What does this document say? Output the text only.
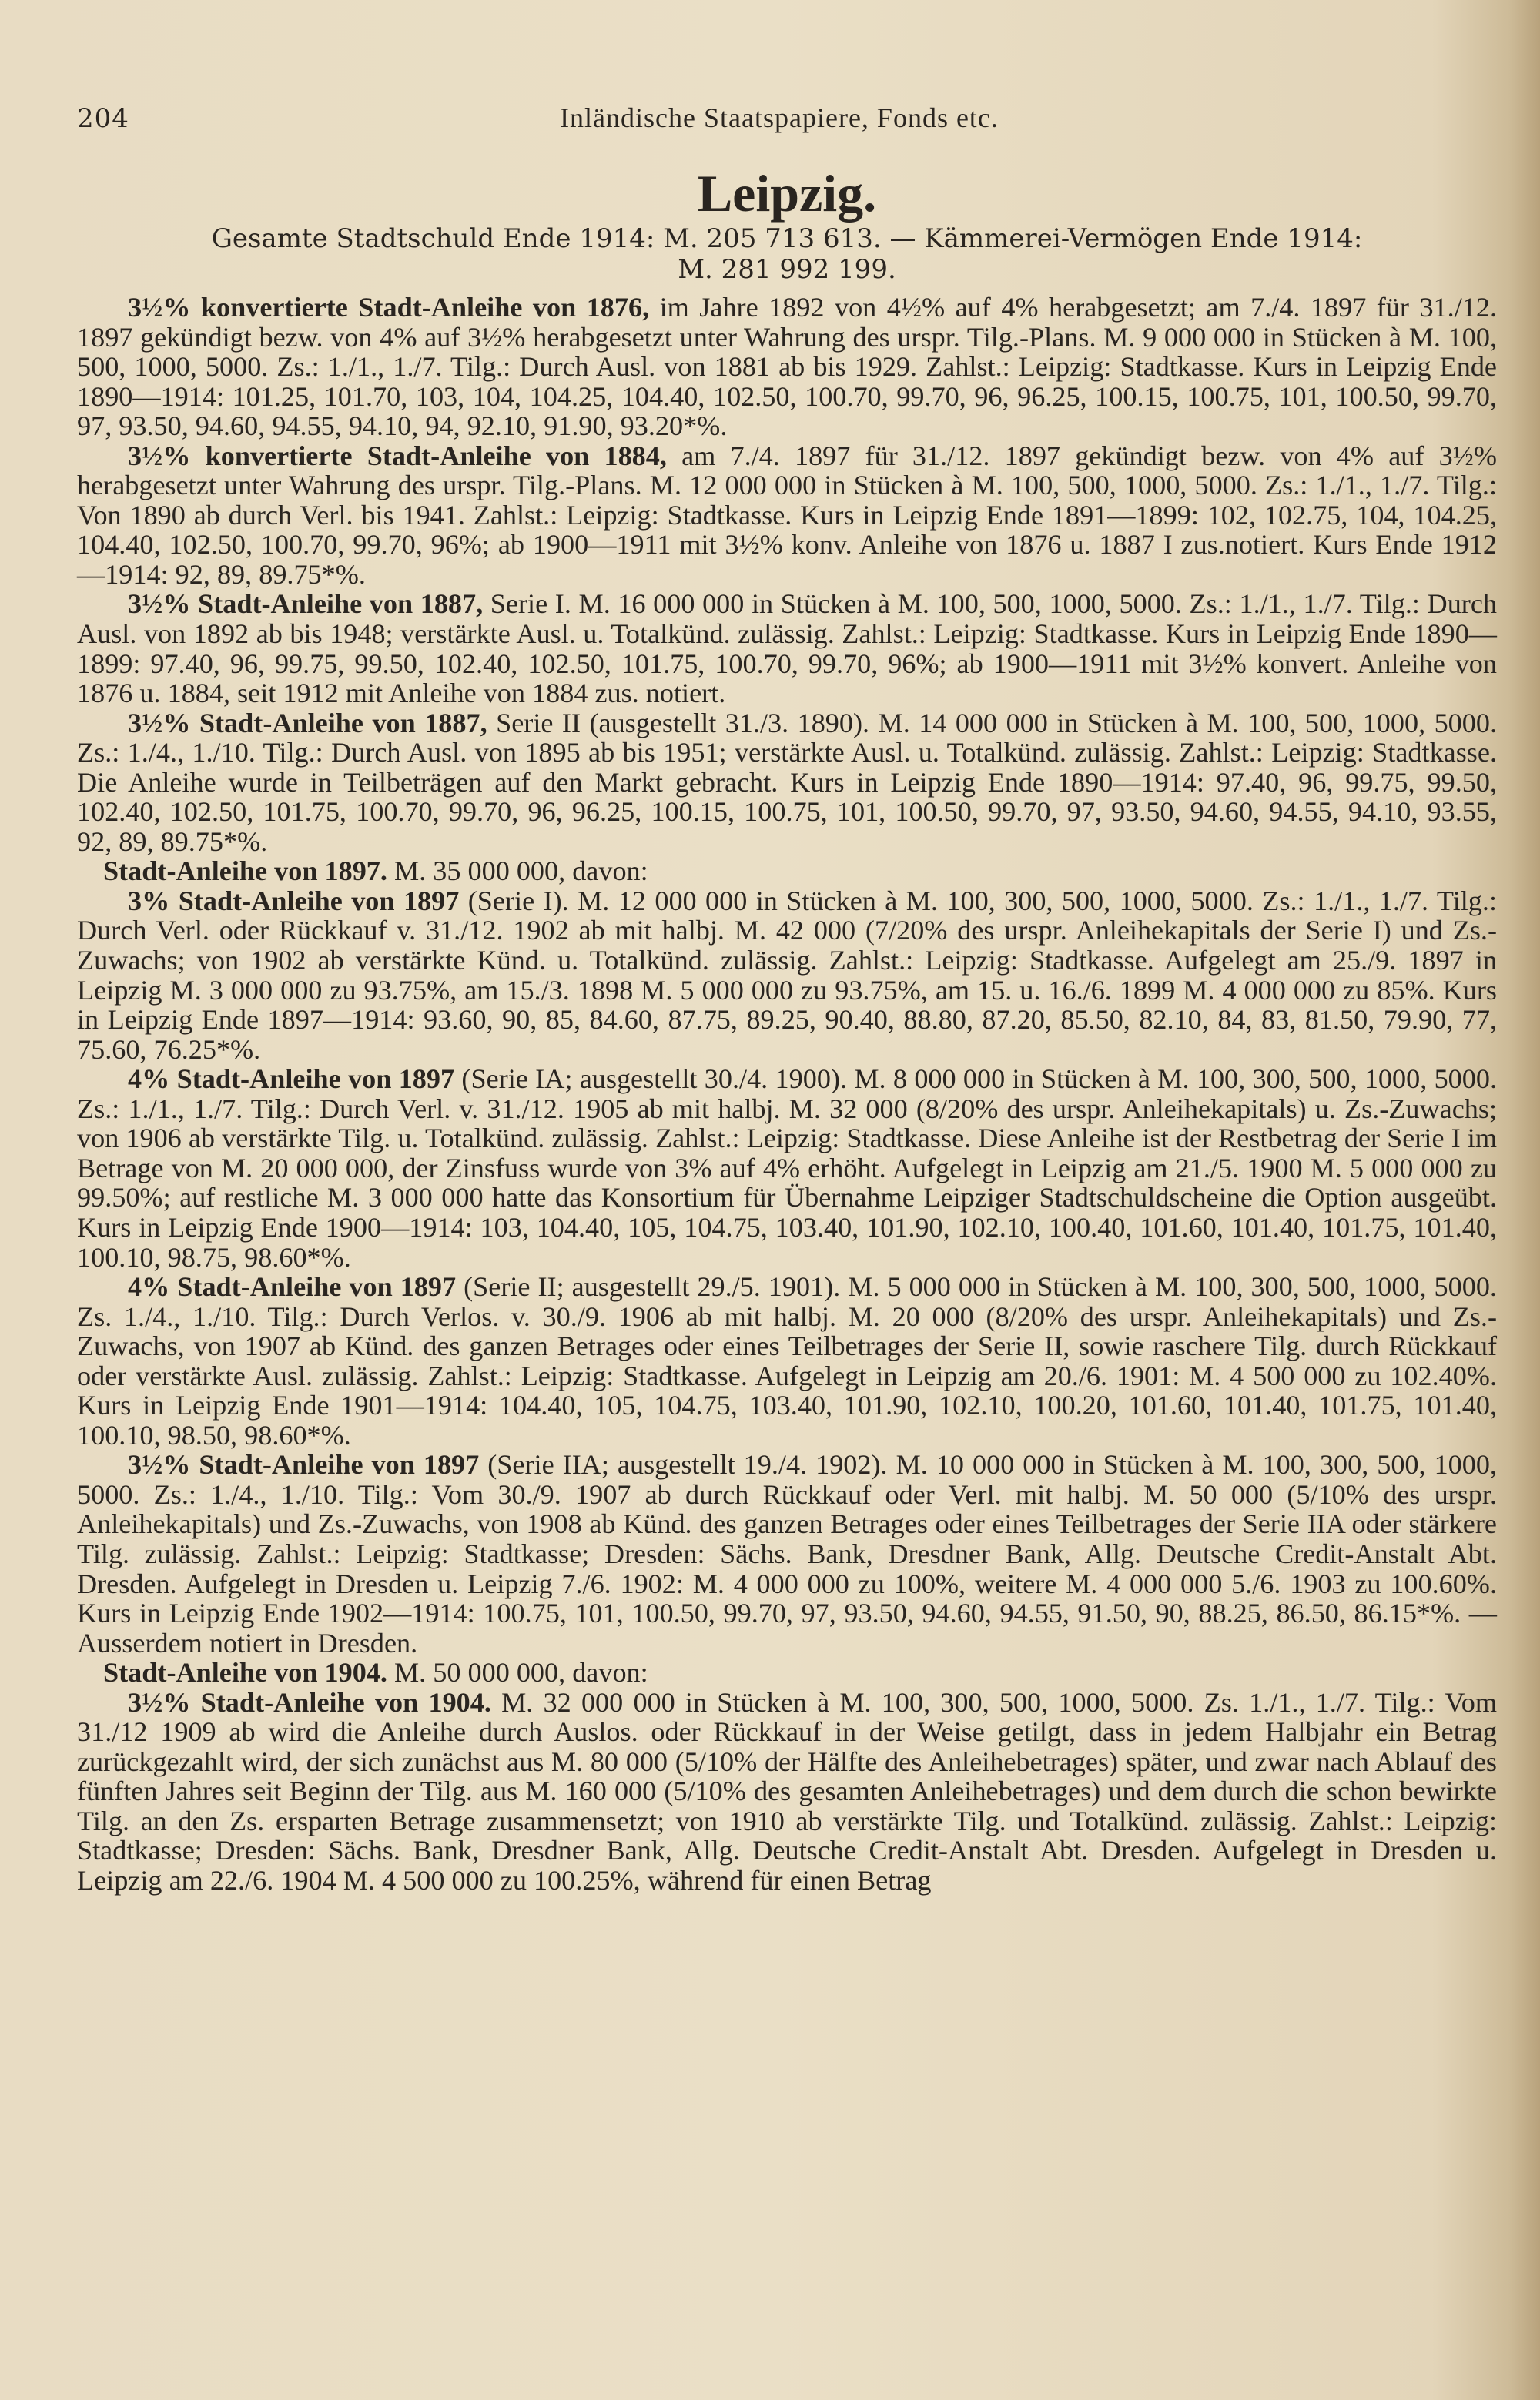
204	Inländische Staatspapiere, Fonds etc.
Leipzig.
Gesamte Stadtschuld Ende 1914: M. 205 713 613. — Kämmerei-Vermögen Ende 1914:
M. 281 992 199.

3½% konvertierte Stadt-Anleihe von 1876, im Jahre 1892 von 4½% auf 4% herabgesetzt; am 7./4. 1897 für 31./12. 1897 gekündigt bezw. von 4% auf 3½% herabgesetzt unter Wahrung des urspr. Tilg.-Plans. M. 9 000 000 in Stücken à M. 100, 500, 1000, 5000. Zs.: 1./1., 1./7. Tilg.: Durch Ausl. von 1881 ab bis 1929. Zahlst.: Leipzig: Stadtkasse. Kurs in Leipzig Ende 1890—1914: 101.25, 101.70, 103, 104, 104.25, 104.40, 102.50, 100.70, 99.70, 96, 96.25, 100.15, 100.75, 101, 100.50, 99.70, 97, 93.50, 94.60, 94.55, 94.10, 94, 92.10, 91.90, 93.20*%.

3½% konvertierte Stadt-Anleihe von 1884, am 7./4. 1897 für 31./12. 1897 gekündigt bezw. von 4% auf 3½% herabgesetzt unter Wahrung des urspr. Tilg.-Plans. M. 12 000 000 in Stücken à M. 100, 500, 1000, 5000. Zs.: 1./1., 1./7. Tilg.: Von 1890 ab durch Verl. bis 1941. Zahlst.: Leipzig: Stadtkasse. Kurs in Leipzig Ende 1891—1899: 102, 102.75, 104, 104.25, 104.40, 102.50, 100.70, 99.70, 96%; ab 1900—1911 mit 3½% konv. Anleihe von 1876 u. 1887 I zus.notiert. Kurs Ende 1912—1914: 92, 89, 89.75*%.

3½% Stadt-Anleihe von 1887, Serie I. M. 16 000 000 in Stücken à M. 100, 500, 1000, 5000. Zs.: 1./1., 1./7. Tilg.: Durch Ausl. von 1892 ab bis 1948; verstärkte Ausl. u. Totalkünd. zulässig. Zahlst.: Leipzig: Stadtkasse. Kurs in Leipzig Ende 1890—1899: 97.40, 96, 99.75, 99.50, 102.40, 102.50, 101.75, 100.70, 99.70, 96%; ab 1900—1911 mit 3½% konvert. Anleihe von 1876 u. 1884, seit 1912 mit Anleihe von 1884 zus. notiert.

3½% Stadt-Anleihe von 1887, Serie II (ausgestellt 31./3. 1890). M. 14 000 000 in Stücken à M. 100, 500, 1000, 5000. Zs.: 1./4., 1./10. Tilg.: Durch Ausl. von 1895 ab bis 1951; verstärkte Ausl. u. Totalkünd. zulässig. Zahlst.: Leipzig: Stadtkasse. Die Anleihe wurde in Teilbeträgen auf den Markt gebracht. Kurs in Leipzig Ende 1890—1914: 97.40, 96, 99.75, 99.50, 102.40, 102.50, 101.75, 100.70, 99.70, 96, 96.25, 100.15, 100.75, 101, 100.50, 99.70, 97, 93.50, 94.60, 94.55, 94.10, 93.55, 92, 89, 89.75*%.

Stadt-Anleihe von 1897. M. 35 000 000, davon:

3% Stadt-Anleihe von 1897 (Serie I). M. 12 000 000 in Stücken à M. 100, 300, 500, 1000, 5000. Zs.: 1./1., 1./7. Tilg.: Durch Verl. oder Rückkauf v. 31./12. 1902 ab mit halbj. M. 42 000 (7/20% des urspr. Anleihekapitals der Serie I) und Zs.-Zuwachs; von 1902 ab verstärkte Künd. u. Totalkünd. zulässig. Zahlst.: Leipzig: Stadtkasse. Aufgelegt am 25./9. 1897 in Leipzig M. 3 000 000 zu 93.75%, am 15./3. 1898 M. 5 000 000 zu 93.75%, am 15. u. 16./6. 1899 M. 4 000 000 zu 85%. Kurs in Leipzig Ende 1897—1914: 93.60, 90, 85, 84.60, 87.75, 89.25, 90.40, 88.80, 87.20, 85.50, 82.10, 84, 83, 81.50, 79.90, 77, 75.60, 76.25*%.

4% Stadt-Anleihe von 1897 (Serie IA; ausgestellt 30./4. 1900). M. 8 000 000 in Stücken à M. 100, 300, 500, 1000, 5000. Zs.: 1./1., 1./7. Tilg.: Durch Verl. v. 31./12. 1905 ab mit halbj. M. 32 000 (8/20% des urspr. Anleihekapitals) u. Zs.-Zuwachs; von 1906 ab verstärkte Tilg. u. Totalkünd. zulässig. Zahlst.: Leipzig: Stadtkasse. Diese Anleihe ist der Restbetrag der Serie I im Betrage von M. 20 000 000, der Zinsfuss wurde von 3% auf 4% erhöht. Aufgelegt in Leipzig am 21./5. 1900 M. 5 000 000 zu 99.50%; auf restliche M. 3 000 000 hatte das Konsortium für Übernahme Leipziger Stadtschuldscheine die Option ausgeübt. Kurs in Leipzig Ende 1900—1914: 103, 104.40, 105, 104.75, 103.40, 101.90, 102.10, 100.40, 101.60, 101.40, 101.75, 101.40, 100.10, 98.75, 98.60*%.

4% Stadt-Anleihe von 1897 (Serie II; ausgestellt 29./5. 1901). M. 5 000 000 in Stücken à M. 100, 300, 500, 1000, 5000. Zs. 1./4., 1./10. Tilg.: Durch Verlos. v. 30./9. 1906 ab mit halbj. M. 20 000 (8/20% des urspr. Anleihekapitals) und Zs.-Zuwachs, von 1907 ab Künd. des ganzen Betrages oder eines Teilbetrages der Serie II, sowie raschere Tilg. durch Rückkauf oder verstärkte Ausl. zulässig. Zahlst.: Leipzig: Stadtkasse. Aufgelegt in Leipzig am 20./6. 1901: M. 4 500 000 zu 102.40%. Kurs in Leipzig Ende 1901—1914: 104.40, 105, 104.75, 103.40, 101.90, 102.10, 100.20, 101.60, 101.40, 101.75, 101.40, 100.10, 98.50, 98.60*%.

3½% Stadt-Anleihe von 1897 (Serie IIA; ausgestellt 19./4. 1902). M. 10 000 000 in Stücken à M. 100, 300, 500, 1000, 5000. Zs.: 1./4., 1./10. Tilg.: Vom 30./9. 1907 ab durch Rückkauf oder Verl. mit halbj. M. 50 000 (5/10% des urspr. Anleihekapitals) und Zs.-Zuwachs, von 1908 ab Künd. des ganzen Betrages oder eines Teilbetrages der Serie IIA oder stärkere Tilg. zulässig. Zahlst.: Leipzig: Stadtkasse; Dresden: Sächs. Bank, Dresdner Bank, Allg. Deutsche Credit-Anstalt Abt. Dresden. Aufgelegt in Dresden u. Leipzig 7./6. 1902: M. 4 000 000 zu 100%, weitere M. 4 000 000 5./6. 1903 zu 100.60%. Kurs in Leipzig Ende 1902—1914: 100.75, 101, 100.50, 99.70, 97, 93.50, 94.60, 94.55, 91.50, 90, 88.25, 86.50, 86.15*%. — Ausserdem notiert in Dresden.

Stadt-Anleihe von 1904. M. 50 000 000, davon:

3½% Stadt-Anleihe von 1904. M. 32 000 000 in Stücken à M. 100, 300, 500, 1000, 5000. Zs. 1./1., 1./7. Tilg.: Vom 31./12 1909 ab wird die Anleihe durch Auslos. oder Rückkauf in der Weise getilgt, dass in jedem Halbjahr ein Betrag zurückgezahlt wird, der sich zunächst aus M. 80 000 (5/10% der Hälfte des Anleihebetrages) später, und zwar nach Ablauf des fünften Jahres seit Beginn der Tilg. aus M. 160 000 (5/10% des gesamten Anleihebetrages) und dem durch die schon bewirkte Tilg. an den Zs. ersparten Betrage zusammensetzt; von 1910 ab verstärkte Tilg. und Totalkünd. zulässig. Zahlst.: Leipzig: Stadtkasse; Dresden: Sächs. Bank, Dresdner Bank, Allg. Deutsche Credit-Anstalt Abt. Dresden. Aufgelegt in Dresden u. Leipzig am 22./6. 1904 M. 4 500 000 zu 100.25%, während für einen Betrag
